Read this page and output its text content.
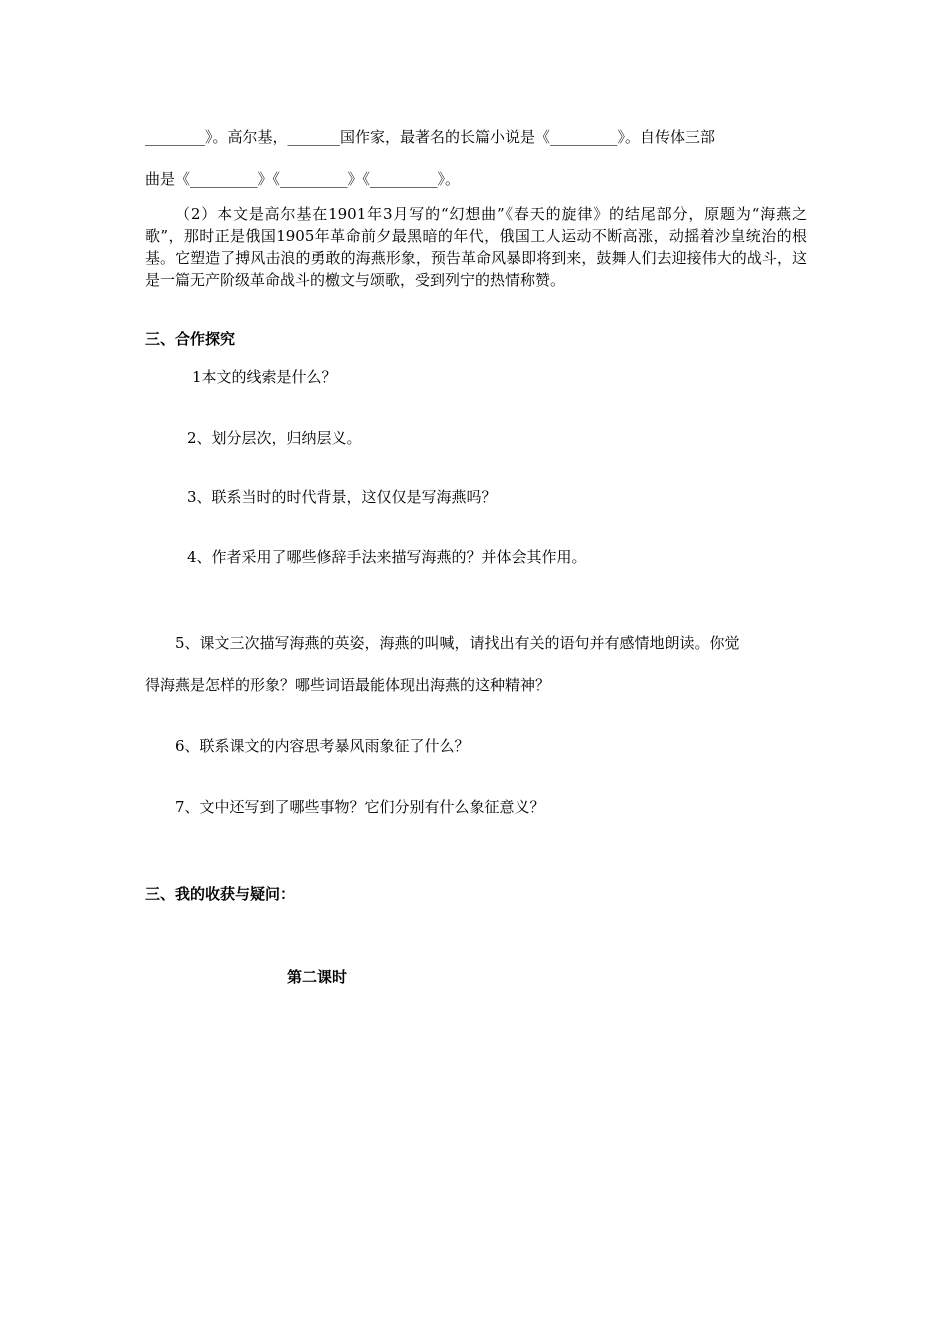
________》。高尔基，_______国作家，最著名的长篇小说是《_________》。自传体三部
曲是《_________》《_________》《_________》。
（2）本文是高尔基在1901年3月写的“幻想曲”《春天的旋律》的结尾部分，原题为“海燕之歌”，那时正是俄国1905年革命前夕最黑暗的年代，俄国工人运动不断高涨，动摇着沙皇统治的根基。它塑造了搏风击浪的勇敢的海燕形象，预告革命风暴即将到来，鼓舞人们去迎接伟大的战斗，这是一篇无产阶级革命战斗的檄文与颂歌，受到列宁的热情称赞。
三、合作探究
1本文的线索是什么？
2、划分层次，归纳层义。
3、联系当时的时代背景，这仅仅是写海燕吗？
4、作者采用了哪些修辞手法来描写海燕的？并体会其作用。
5、课文三次描写海燕的英姿，海燕的叫喊，请找出有关的语句并有感情地朗读。你觉
得海燕是怎样的形象？哪些词语最能体现出海燕的这种精神？
6、联系课文的内容思考暴风雨象征了什么？
7、文中还写到了哪些事物？它们分别有什么象征意义？
三、我的收获与疑问：
第二课时
